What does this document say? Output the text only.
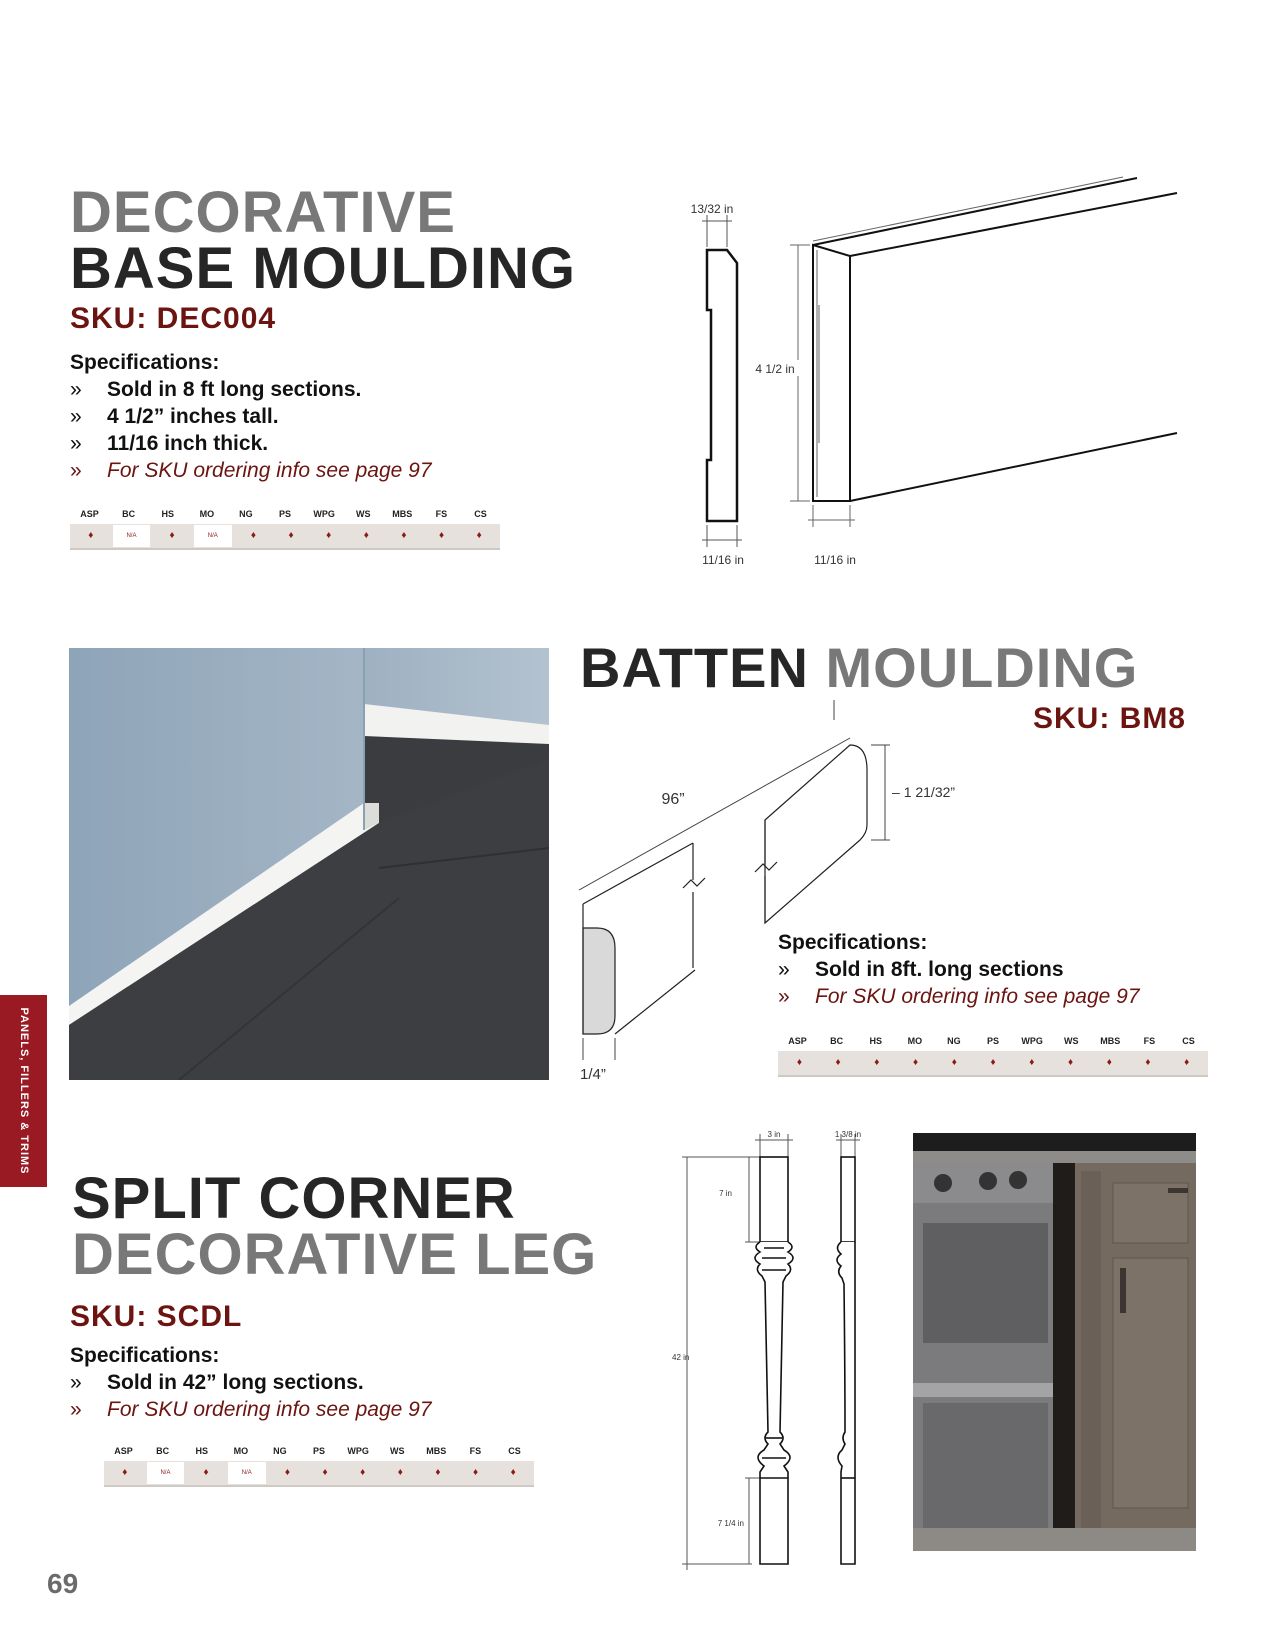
DECORATIVE
BASE MOULDING
SKU: DEC004
Specifications:
» Sold in 8 ft long sections.
» 4 1/2” inches tall.
» 11/16 inch thick.
» For SKU ordering info see page 97
ASP	BC	HS	MO	NG	PS	WPG	WS	MBS	FS	CS
♦	N/A	♦	N/A	♦	♦	♦	♦	♦	♦	♦
13/32 in
11/16 in
4 1/2 in
11/16 in
BATTEN MOULDING
SKU: BM8
96”	– 1 21/32”
1/4”
Specifications:
» Sold in 8ft. long sections
» For SKU ordering info see page 97
ASP	BC	HS	MO	NG	PS	WPG	WS	MBS	FS	CS
♦	♦	♦	♦	♦	♦	♦	♦	♦	♦	♦
SPLIT CORNER
DECORATIVE LEG
SKU: SCDL
Specifications:
» Sold in 42” long sections.
» For SKU ordering info see page 97
ASP	BC	HS	MO	NG	PS	WPG	WS	MBS	FS	CS
♦	N/A	♦	N/A	♦	♦	♦	♦	♦	♦	♦
3 in	1 3/8 in
7 in
42 in
7 1/4 in
PANELS, FILLERS & TRIMS
69
